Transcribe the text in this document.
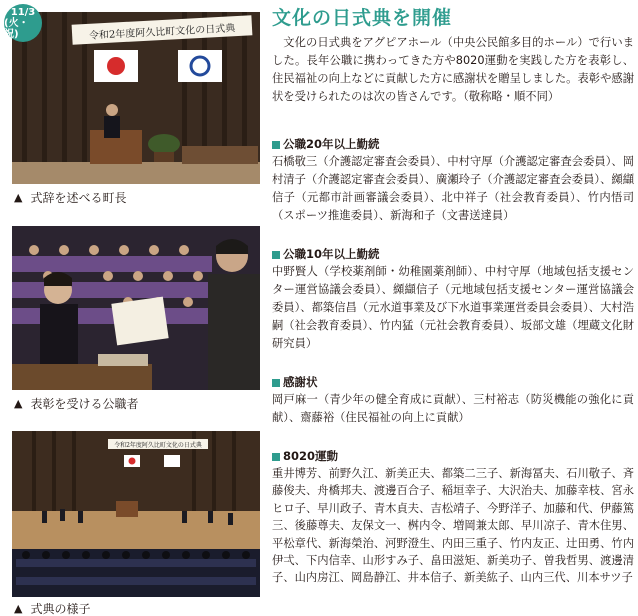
11/3
(火・祝)	令和2年度阿久比町文化の日式典
▲ 式辞を述べる町長
▲ 表彰を受ける公職者
令和2年度阿久比町文化の日式典
▲ 式典の様子
文化の日式典を開催

文化の日式典をアグピアホール（中央公民館多目的ホール）で行いました。長年公職に携わってきた方や8020運動を実践した方を表彰し、住民福祉の向上などに貢献した方に感謝状を贈呈しました。表彰や感謝状を受けられたのは次の皆さんです。（敬称略・順不同）

公職20年以上勤続

石橋敬三（介護認定審査会委員）、中村守厚（介護認定審査会委員）、岡村清子（介護認定審査会委員）、廣瀬玲子（介護認定審査会委員）、纐纈信子（元都市計画審議会委員）、北中祥子（社会教育委員）、竹内悟司（スポーツ推進委員）、新海和子（文書送達員）

公職10年以上勤続

中野賢人（学校薬剤師・幼稚園薬剤師）、中村守厚（地域包括支援センター運営協議会委員）、纐纈信子（元地域包括支援センター運営協議会委員）、都築信昌（元水道事業及び下水道事業運営委員会委員）、大村浩嗣（社会教育委員）、竹内猛（元社会教育委員）、坂部文雄（埋蔵文化財研究員）

感謝状

岡戸麻一（青少年の健全育成に貢献）、三村裕志（防災機能の強化に貢献）、齋藤裕（住民福祉の向上に貢献）

8020運動

重井博芳、前野久江、新美正夫、都築二三子、新海冨夫、石川敬子、斉藤俊夫、舟橋邦夫、渡邊百合子、稲垣幸子、大沢治夫、加藤幸枝、宮永ヒロ子、早川政子、青木貞夫、吉松靖子、今野洋子、加藤和代、伊藤篤三、後藤尊夫、友保文一、桝内令、増岡兼太郎、早川凉子、青木住男、平松章代、新海榮治、河野澄生、内田三重子、竹内友正、辻田勇、竹内伊弌、下内信幸、山形すみ子、畠田滋矩、新美功子、曽我哲男、渡邊清子、山内房江、岡島静江、井本信子、新美紘子、山内三代、川本サツ子
